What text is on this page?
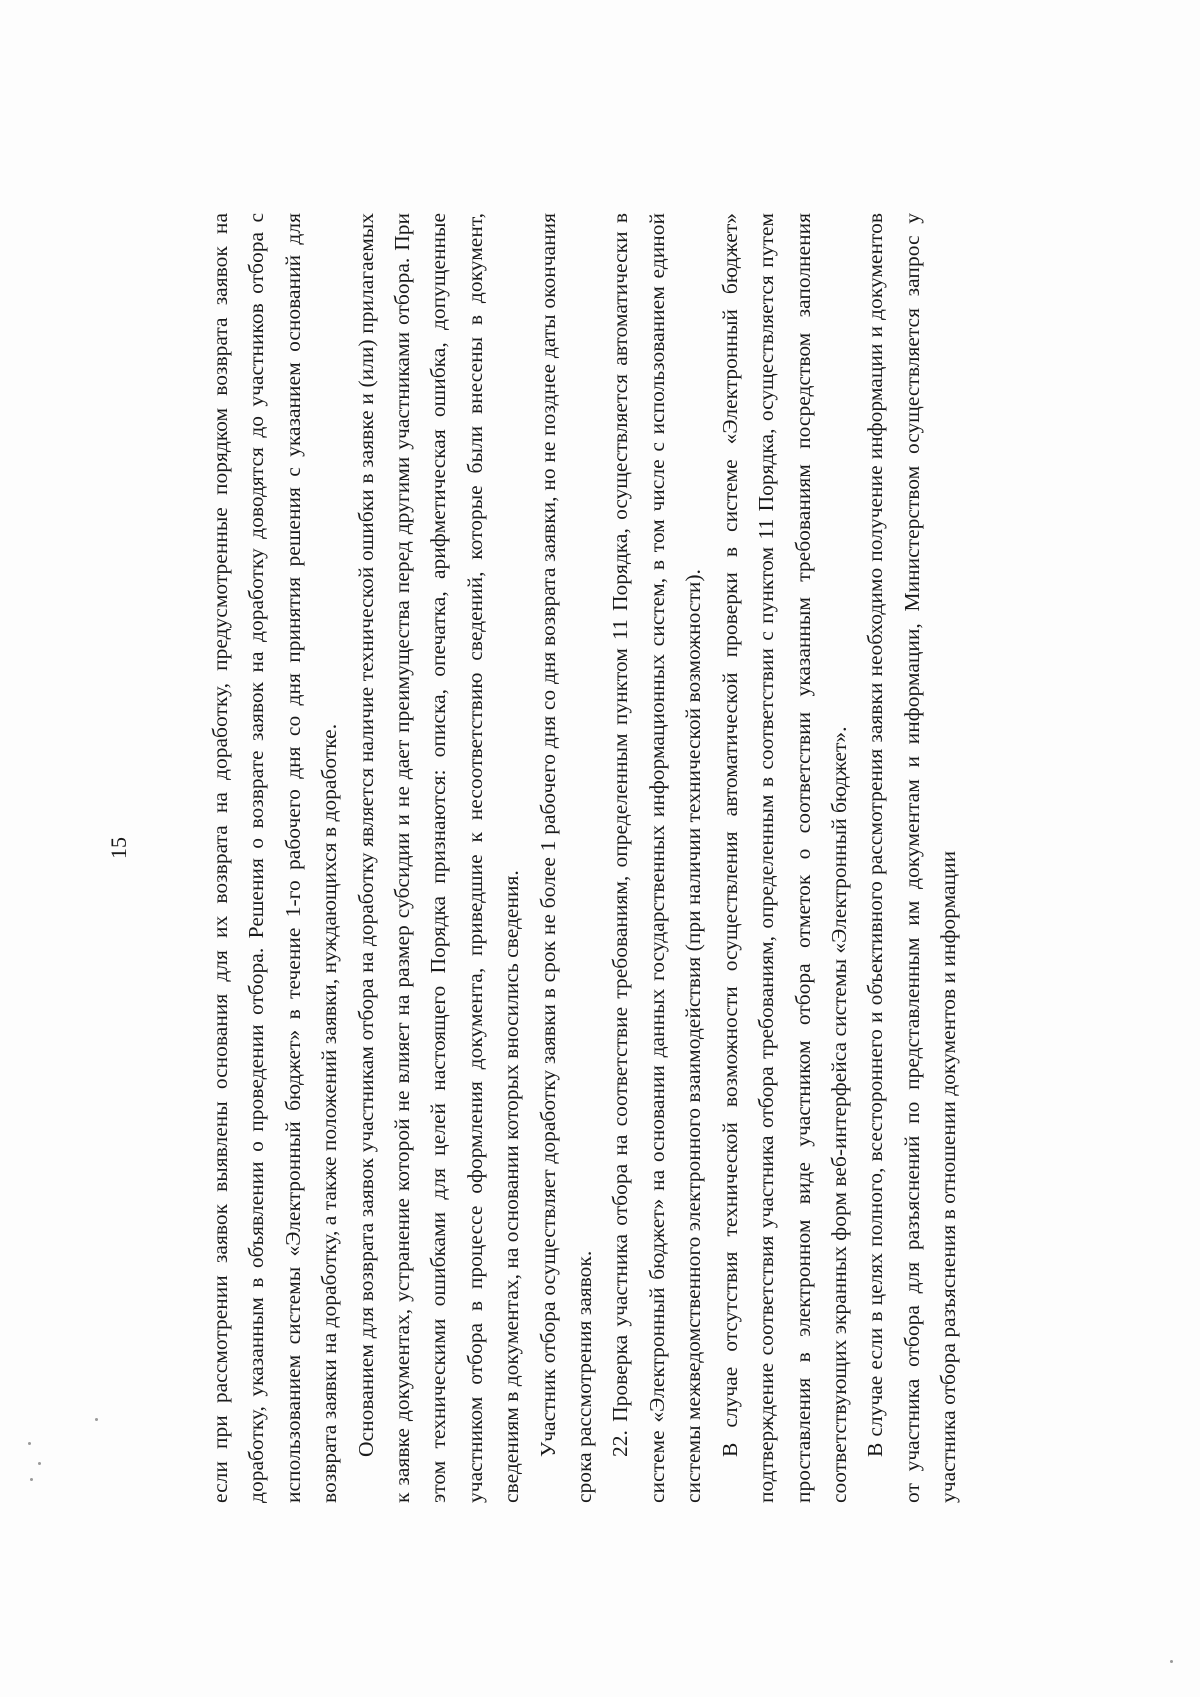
15	если при рассмотрении заявок выявлены основания для их возврата на доработку, предусмотренные порядком возврата заявок на доработку, указанным в объявлении о проведении отбора. Решения о возврате заявок на доработку доводятся до участников отбора с использованием системы «Электронный бюджет» в течение 1-го рабочего дня со дня принятия решения с указанием оснований для возврата заявки на доработку, а также положений заявки, нуждающихся в доработке. Основанием для возврата заявок участникам отбора на доработку является наличие технической ошибки в заявке и (или) прилагаемых к заявке документах, устранение которой не влияет на размер субсидии и не дает преимущества перед другими участниками отбора. При этом техническими ошибками для целей настоящего Порядка признаются: описка, опечатка, арифметическая ошибка, допущенные участником отбора в процессе оформления документа, приведшие к несоответствию сведений, которые были внесены в документ, сведениям в документах, на основании которых вносились сведения. Участник отбора осуществляет доработку заявки в срок не более 1 рабочего дня со дня возврата заявки, но не позднее даты окончания срока рассмотрения заявок. 22. Проверка участника отбора на соответствие требованиям, определенным пунктом 11 Порядка, осуществляется автоматически в системе «Электронный бюджет» на основании данных государственных информационных систем, в том числе с использованием единой системы межведомственного электронного взаимодействия (при наличии технической возможности). В случае отсутствия технической возможности осуществления автоматической проверки в системе «Электронный бюджет» подтверждение соответствия участника отбора требованиям, определенным в соответствии с пунктом 11 Порядка, осуществляется путем проставления в электронном виде участником отбора отметок о соответствии указанным требованиям посредством заполнения соответствующих экранных форм веб-интерфейса системы «Электронный бюджет». В случае если в целях полного, всестороннего и объективного рассмотрения заявки необходимо получение информации и документов от участника отбора для разъяснений по представленным им документам и информации, Министерством осуществляется запрос у участника отбора разъяснения в отношении документов и информации
